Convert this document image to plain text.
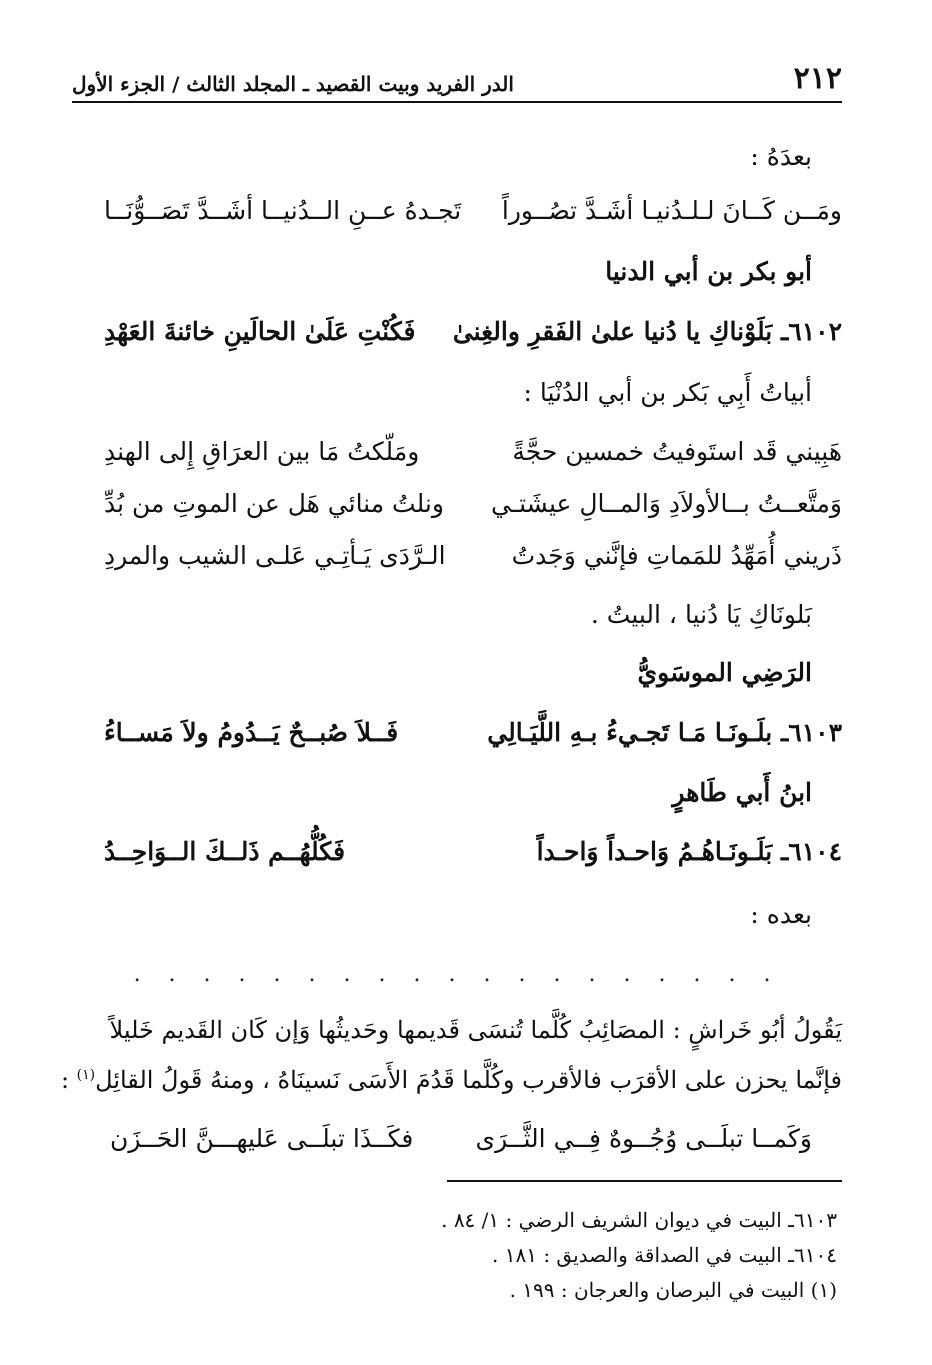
٢١٢
الدر الفريد وبيت القصيد ـ المجلد الثالث / الجزء الأول
بعدَهُ :
ومَــن كَــانَ لـلـدُنيـا أشَـدَّ تصُــوراً
تَجـدهُ عــنِ الــدُنيــا أشَــدَّ تَصَــوُّنَــا
أبو بكر بن أبي الدنيا
٦١٠٢ـ بَلَوْناكِ يا دُنيا علىٰ الفَقرِ والغِنىٰ
فَكُنْتِ عَلَىٰ الحالَينِ خائنةَ العَهْدِ
أبياتُ أَبِي بَكر بن أبي الدُنْيَا :
هَبِيني قَد استَوفيتُ خمسين حجَّةً
ومَلّكتُ مَا بين العرَاقِ إِلى الهندِ
وَمتَّعــتُ بــالأولاَدِ وَالمــالِ عيشَتـي
ونلتُ منائي هَل عن الموتِ من بُدِّ
ذَريني أُمَهِّدُ للمَماتِ فإنَّني وَجَدتُ
الـرَّدَى يَـأتِـي عَلـى الشيب والمردِ
بَلونَاكِ يَا دُنيا ، البيتُ .
الرَضِي الموسَويُّ
٦١٠٣ـ بلَـونَـا مَـا تَجـيءُ بـهِ اللَّيَـالِي
فَــلاَ صُبــحٌ يَــدُومُ ولاَ مَســاءُ
ابنُ أَبي طَاهرٍ
٦١٠٤ـ بَلَـونَـاهُـمُ وَاحـداً وَاحـداً
فَكُلُّهُــم ذَلــكَ الــوَاحِــدُ
بعده :
...................
يَقُولُ أبُو خَراشٍ : المصَائِبُ كُلَّما تُنسَى قَديمها وحَديثُها وَإن كَان القَديم خَليلاً
فإنَّما يحزن على الأقرَب فالأقرب وكُلَّما قَدُمَ الأَسَى نَسينَاهُ ، ومنهُ قَولُ القائِل$^{(١)}$ :
وَكَمــا تبلَــى وُجُــوهٌ فِــي الثَّــرَى
فكَــذَا تبلَــى عَليهـــنَّ الحَــزَن
٦١٠٣ـ البيت في ديوان الشريف الرضي : ١/ ٨٤ .
٦١٠٤ـ البيت في الصداقة والصديق : ١٨١ .
(١) البيت في البرصان والعرجان : ١٩٩ .
